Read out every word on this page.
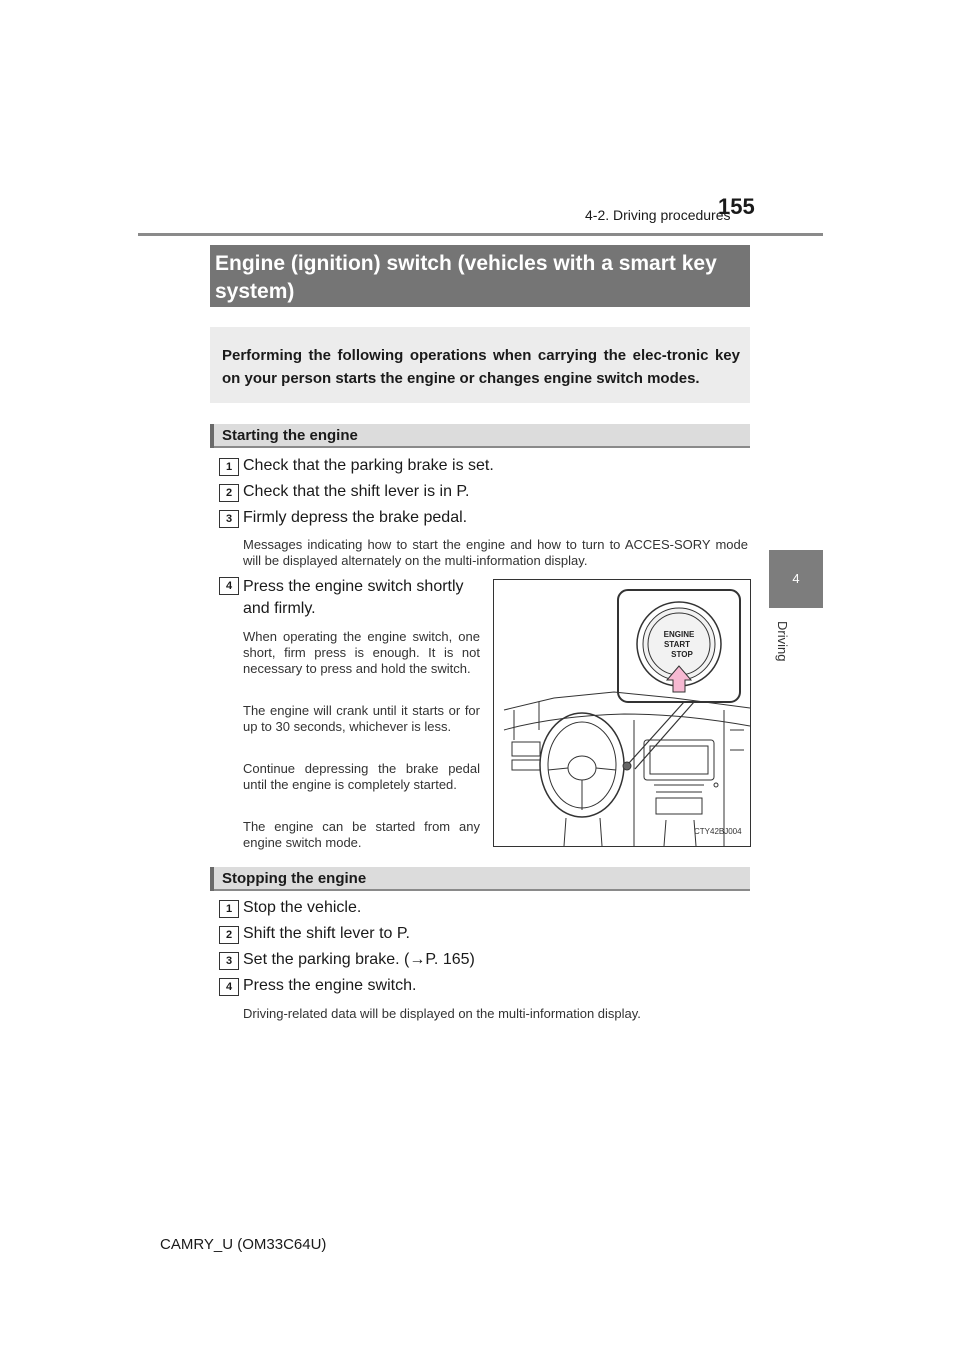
4-2. Driving procedures
155
4
Driving
Engine (ignition) switch (vehicles with a smart key system)
Performing the following operations when carrying the elec-tronic key on your person starts the engine or changes engine switch modes.
Starting the engine
1 Check that the parking brake is set.
2 Check that the shift lever is in P.
3 Firmly depress the brake pedal.
Messages indicating how to start the engine and how to turn to ACCES-SORY mode will be displayed alternately on the multi-information display.
4 Press the engine switch shortly and firmly.
When operating the engine switch, one short, firm press is enough. It is not necessary to press and hold the switch.
The engine will crank until it starts or for up to 30 seconds, whichever is less.
Continue depressing the brake pedal until the engine is completely started.
The engine can be started from any engine switch mode.
ENGINE
START
STOP
CTY42BJ004
Stopping the engine
1 Stop the vehicle.
2 Shift the shift lever to P.
3 Set the parking brake. (→P. 165)
4 Press the engine switch.
Driving-related data will be displayed on the multi-information display.
CAMRY_U (OM33C64U)
